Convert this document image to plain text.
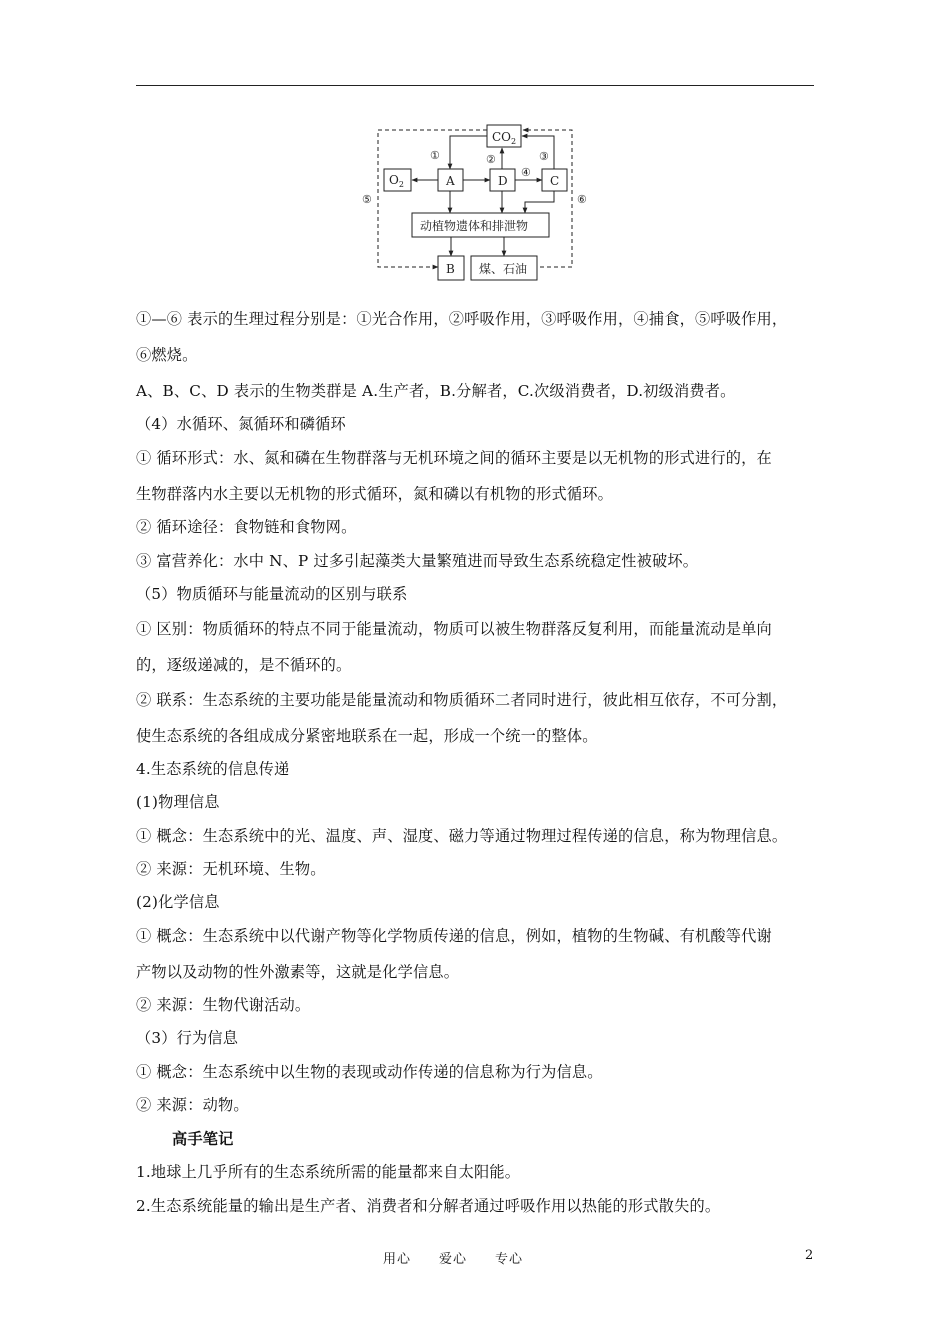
$CO_2$
$O_2$	A	D	C
动植物遗体和排泄物
B 煤、石油
①	②	③
④
⑤	⑥
①—⑥ 表示的生理过程分别是：①光合作用，②呼吸作用，③呼吸作用，④捕食，⑤呼吸作用，
⑥燃烧。
A、B、C、D 表示的生物类群是 A.生产者，B.分解者，C.次级消费者，D.初级消费者。
（4）水循环、氮循环和磷循环
① 循环形式：水、氮和磷在生物群落与无机环境之间的循环主要是以无机物的形式进行的，在
生物群落内水主要以无机物的形式循环，氮和磷以有机物的形式循环。
② 循环途径：食物链和食物网。
③ 富营养化：水中 N、P 过多引起藻类大量繁殖进而导致生态系统稳定性被破坏。
（5）物质循环与能量流动的区别与联系
① 区别：物质循环的特点不同于能量流动，物质可以被生物群落反复利用，而能量流动是单向
的，逐级递减的，是不循环的。
② 联系：生态系统的主要功能是能量流动和物质循环二者同时进行，彼此相互依存，不可分割，
使生态系统的各组成成分紧密地联系在一起，形成一个统一的整体。
4.生态系统的信息传递
(1)物理信息
① 概念：生态系统中的光、温度、声、湿度、磁力等通过物理过程传递的信息，称为物理信息。
② 来源：无机环境、生物。
(2)化学信息
① 概念：生态系统中以代谢产物等化学物质传递的信息，例如，植物的生物碱、有机酸等代谢
产物以及动物的性外激素等，这就是化学信息。
② 来源：生物代谢活动。
（3）行为信息
① 概念：生态系统中以生物的表现或动作传递的信息称为行为信息。
② 来源：动物。
高手笔记
1.地球上几乎所有的生态系统所需的能量都来自太阳能。
2.生态系统能量的输出是生产者、消费者和分解者通过呼吸作用以热能的形式散失的。
用心　　爱心　　专心	2
